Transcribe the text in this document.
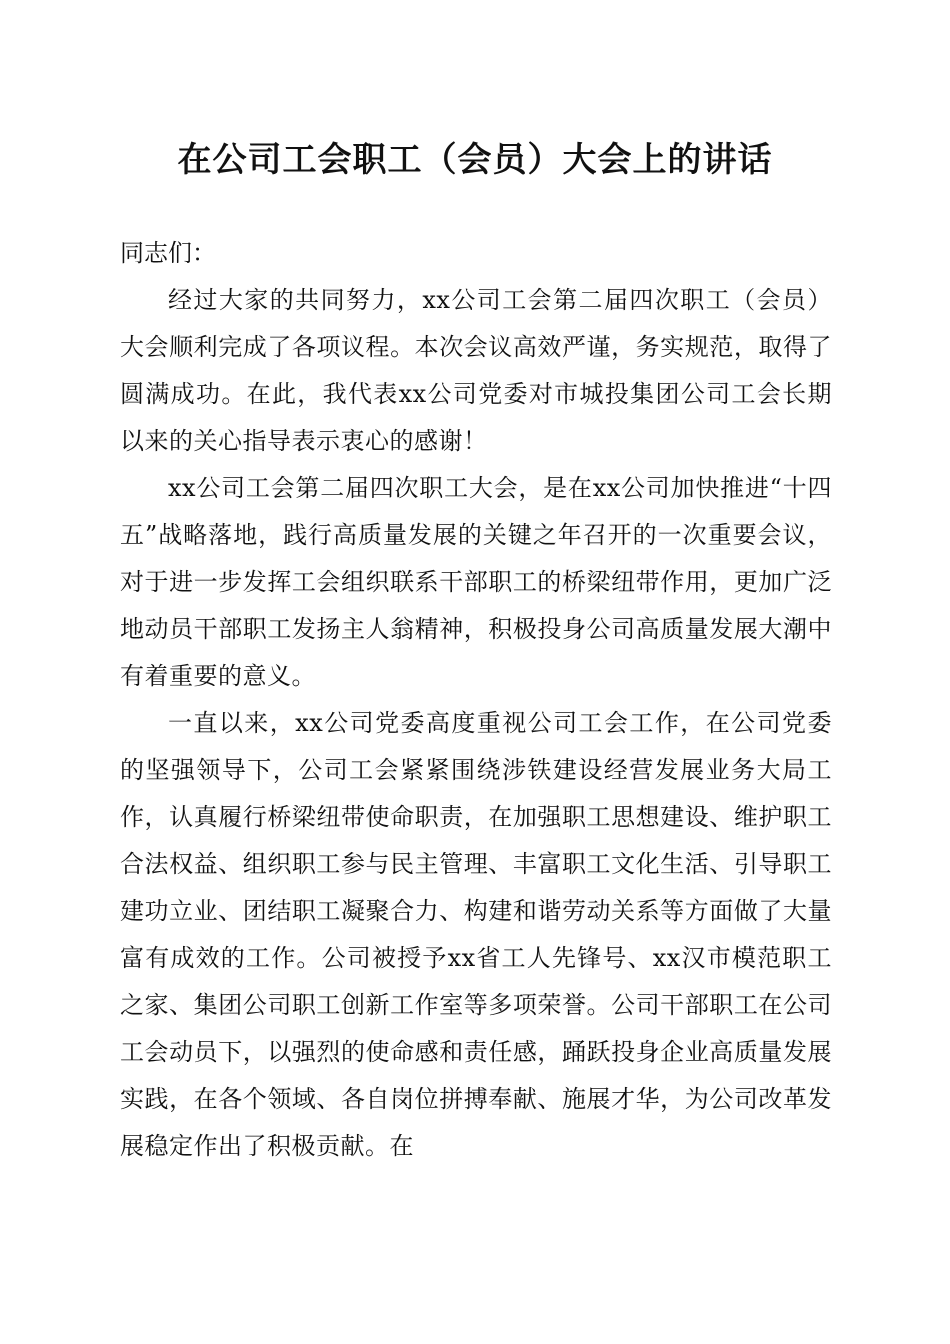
在公司工会职工（会员）大会上的讲话

同志们：

经过大家的共同努力，xx公司工会第二届四次职工（会员）大会顺利完成了各项议程。本次会议高效严谨，务实规范，取得了圆满成功。在此，我代表xx公司党委对市城投集团公司工会长期以来的关心指导表示衷心的感谢！

xx公司工会第二届四次职工大会，是在xx公司加快推进“十四五”战略落地，践行高质量发展的关键之年召开的一次重要会议，对于进一步发挥工会组织联系干部职工的桥梁纽带作用，更加广泛地动员干部职工发扬主人翁精神，积极投身公司高质量发展大潮中有着重要的意义。

一直以来，xx公司党委高度重视公司工会工作，在公司党委的坚强领导下，公司工会紧紧围绕涉铁建设经营发展业务大局工作，认真履行桥梁纽带使命职责，在加强职工思想建设、维护职工合法权益、组织职工参与民主管理、丰富职工文化生活、引导职工建功立业、团结职工凝聚合力、构建和谐劳动关系等方面做了大量富有成效的工作。公司被授予xx省工人先锋号、xx汉市模范职工之家、集团公司职工创新工作室等多项荣誉。公司干部职工在公司工会动员下，以强烈的使命感和责任感，踊跃投身企业高质量发展实践，在各个领域、各自岗位拼搏奉献、施展才华，为公司改革发展稳定作出了积极贡献。在
